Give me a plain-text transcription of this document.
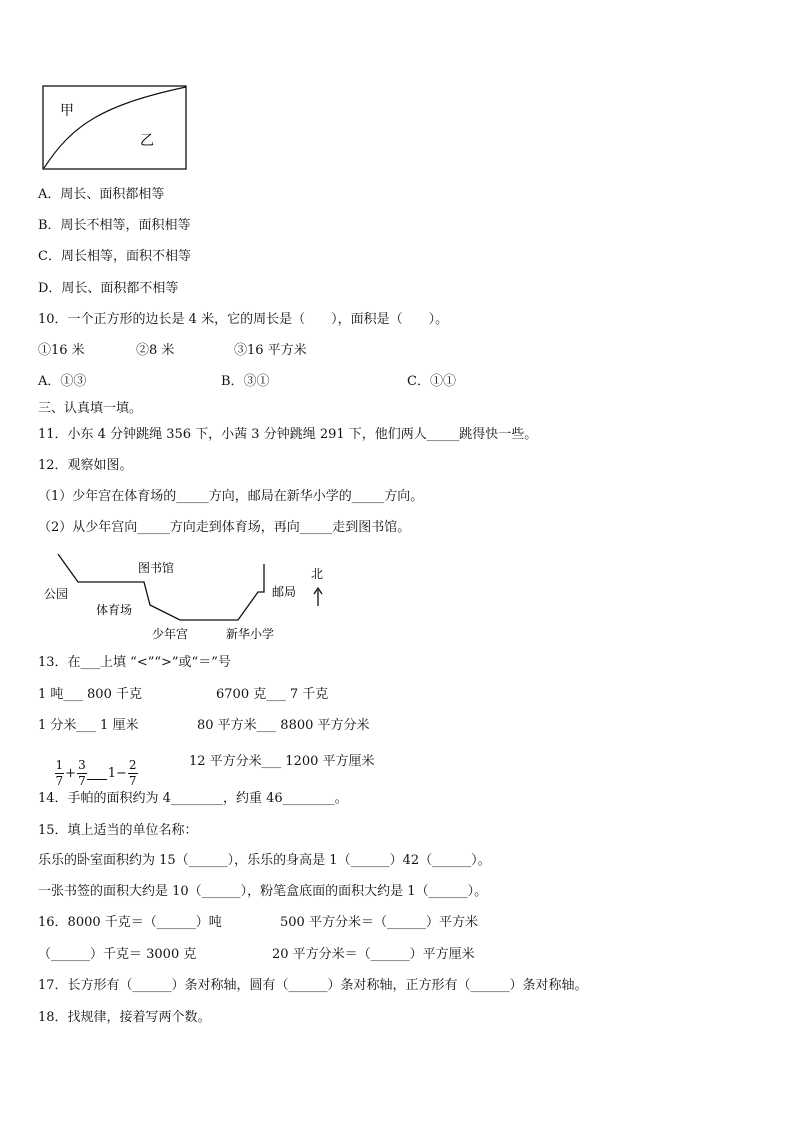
甲
乙
A．周长、面积都相等
B．周长不相等，面积相等
C．周长相等，面积不相等
D．周长、面积都不相等
10．一个正方形的边长是 4 米，它的周长是（　　），面积是（　　）。
①16 米	②8 米	③16 平方米
A．①③	B．③①	C．①①
三、认真填一填。
11．小东 4 分钟跳绳 356 下，小茜 3 分钟跳绳 291 下，他们两人_____跳得快一些。
12．观察如图。
（1）少年宫在体育场的_____方向，邮局在新华小学的_____方向。
（2）从少年宫向_____方向走到体育场，再向_____走到图书馆。
公园
图书馆
体育场
少年宫	新华小学
邮局
北
13．在___上填 “<”“>”或“＝”号
1 吨___ 800 千克	6700 克___ 7 千克
1 分米___ 1 厘米	80 平方米___ 8800 平方分米

$\frac{1}{7} + \frac{3}{7} 1- \frac{2}{7}$

	12 平方分米___ 1200 平方厘米
14．手帕的面积约为 4________，约重 46________。
15．填上适当的单位名称：
乐乐的卧室面积约为 15（______），乐乐的身高是 1（______）42（______）。
一张书签的面积大约是 10（______），粉笔盒底面的面积大约是 1（______）。
16．8000 千克＝（______）吨	500 平方分米＝（______）平方米
（______）千克＝ 3000 克	20 平方分米＝（______）平方厘米
17．长方形有（______）条对称轴，圆有（______）条对称轴，正方形有（______）条对称轴。
18．找规律，接着写两个数。
